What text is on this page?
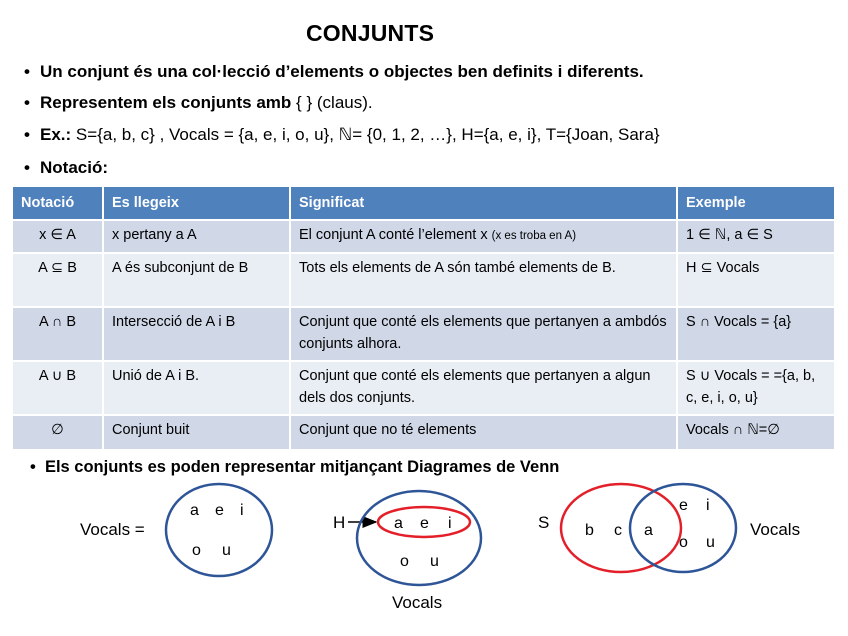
CONJUNTS
• Un conjunt és una col·lecció d’elements o objectes ben definits i diferents.
• Representem els conjunts amb { } (claus).
• Ex.: S={a, b, c} , Vocals = {a, e, i, o, u}, ℕ= {0, 1, 2, …}, H={a, e, i}, T={Joan, Sara}
• Notació:
Notació	Es llegeix	Significat	Exemple
x ∈ A	x pertany a A	El conjunt A conté l’element x (x es troba en A)	1 ∈ ℕ, a ∈ S
A ⊆ B	A és subconjunt de B	Tots els elements de A són també elements de B.	H ⊆ Vocals
A ∩ B	Intersecció de A i B	Conjunt que conté els elements que pertanyen a ambdós conjunts alhora.	S ∩ Vocals = {a}
A ∪ B	Unió de A i B.	Conjunt que conté els elements que pertanyen a algun dels dos conjunts.	S ∪ Vocals = ={a, b, c, e, i, o, u}
∅	Conjunt buit	Conjunt que no té elements	Vocals ∩ ℕ=∅
•  Els conjunts es poden representar mitjançant Diagrames de Venn
Vocals =
a e i
o u
H	a e i
o u
Vocals
S b c a
e i
o u
Vocals
